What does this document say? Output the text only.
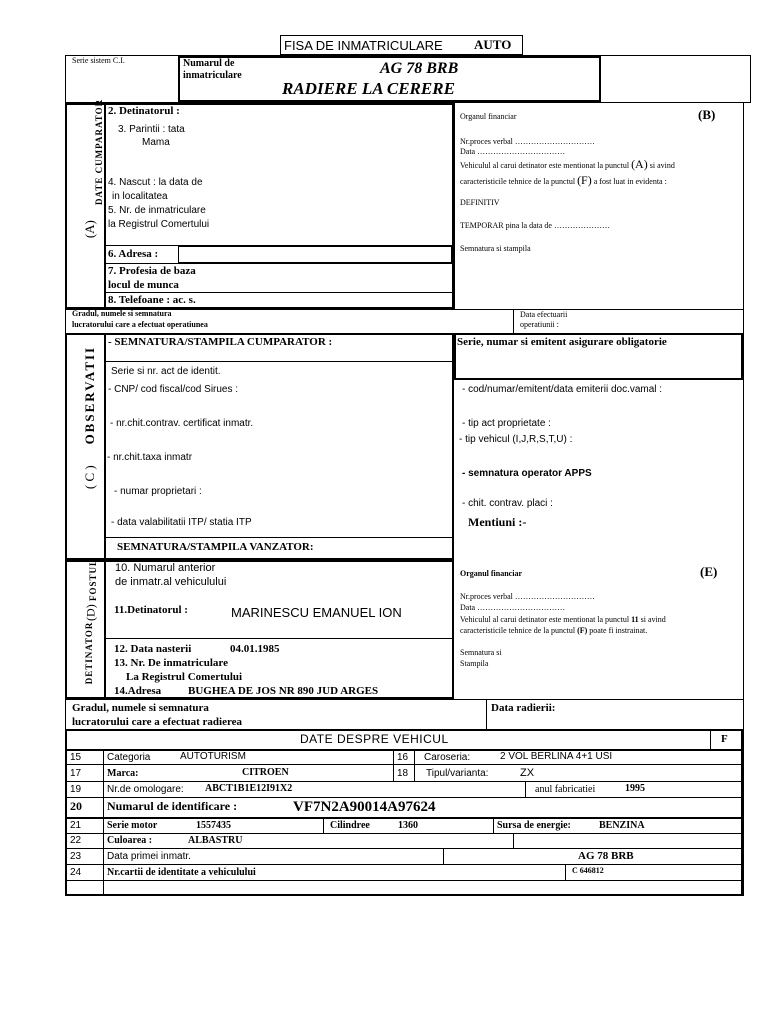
FISA DE INMATRICULARE AUTO
Serie sistem C.I.	Numarul de
inmatriculare	AG 78 BRB
RADIERE LA CERERE
DATE CUMPARATOR
(A)
2. Detinatorul :
3. Parintii : tata
Mama
4. Nascut : la data de
in localitatea
5. Nr. de inmatriculare
la Registrul Comertului
6. Adresa :
7. Profesia de baza
locul de munca
8. Telefoane : ac. s.
Organul financiar	(B)
Nr.proces verbal …………………………
Data ……………………………
Vehiculul al carui detinator este mentionat la punctul (A) si avind
caracteristicile tehnice de la punctul (F) a fost luat in evidenta :
DEFINITIV
TEMPORAR pina la data de …………………
Semnatura si stampila
Gradul, numele si semnatura
lucratorului care a efectuat operatiunea
Data efectuarii
operatiunii :
OBSERVATII
( C )
- SEMNATURA/STAMPILA CUMPARATOR :
Serie si nr. act de identit.
- CNP/ cod fiscal/cod Sirues :
- nr.chit.contrav. certificat inmatr.
- nr.chit.taxa inmatr
- numar proprietari :
- data valabilitatii ITP/ statia ITP
SEMNATURA/STAMPILA VANZATOR:
Serie, numar si emitent asigurare obligatorie
- cod/numar/emitent/data emiterii doc.vamal :
- tip act proprietate :
- tip vehicul (I,J,R,S,T,U) :
- semnatura operator APPS
- chit. contrav. placi :
Mentiuni :-
FOSTUL
(D)
DETINATOR
10. Numarul anterior
de inmatr.al vehiculului
11.Detinatorul :	MARINESCU EMANUEL ION
12. Data nasterii	04.01.1985
13. Nr. De inmatriculare
La Registrul Comertului
14.Adresa BUGHEA DE JOS NR 890 JUD ARGES
Organul financiar	(E)
Nr.proces verbal …………………………
Data ……………………………
Vehiculul al carui detinator este mentionat la punctul 11 si avind
caracteristicile tehnice de la punctul (F) poate fi instrainat.
Semnatura si
Stampila
Gradul, numele si semnatura
lucratorului care a efectuat radierea
Data radierii:
DATE DESPRE VEHICUL	F
15	Categoria	AUTOTURISM	16 Caroseria:	2 VOL BERLINA 4+1 USI
17	Marca:	CITROEN	18 Tipul/varianta:	ZX
19	Nr.de omologare: ABCT1B1E12I91X2	anul fabricatiei	1995
20 Numarul de identificare :	VF7N2A90014A97624
21	Serie motor	1557435	Cilindree	1360	Sursa de energie:	BENZINA
22	Culoarea :	ALBASTRU
23	Data primei inmatr.	AG 78 BRB
24	Nr.cartii de identitate a vehiculului	C 646812
